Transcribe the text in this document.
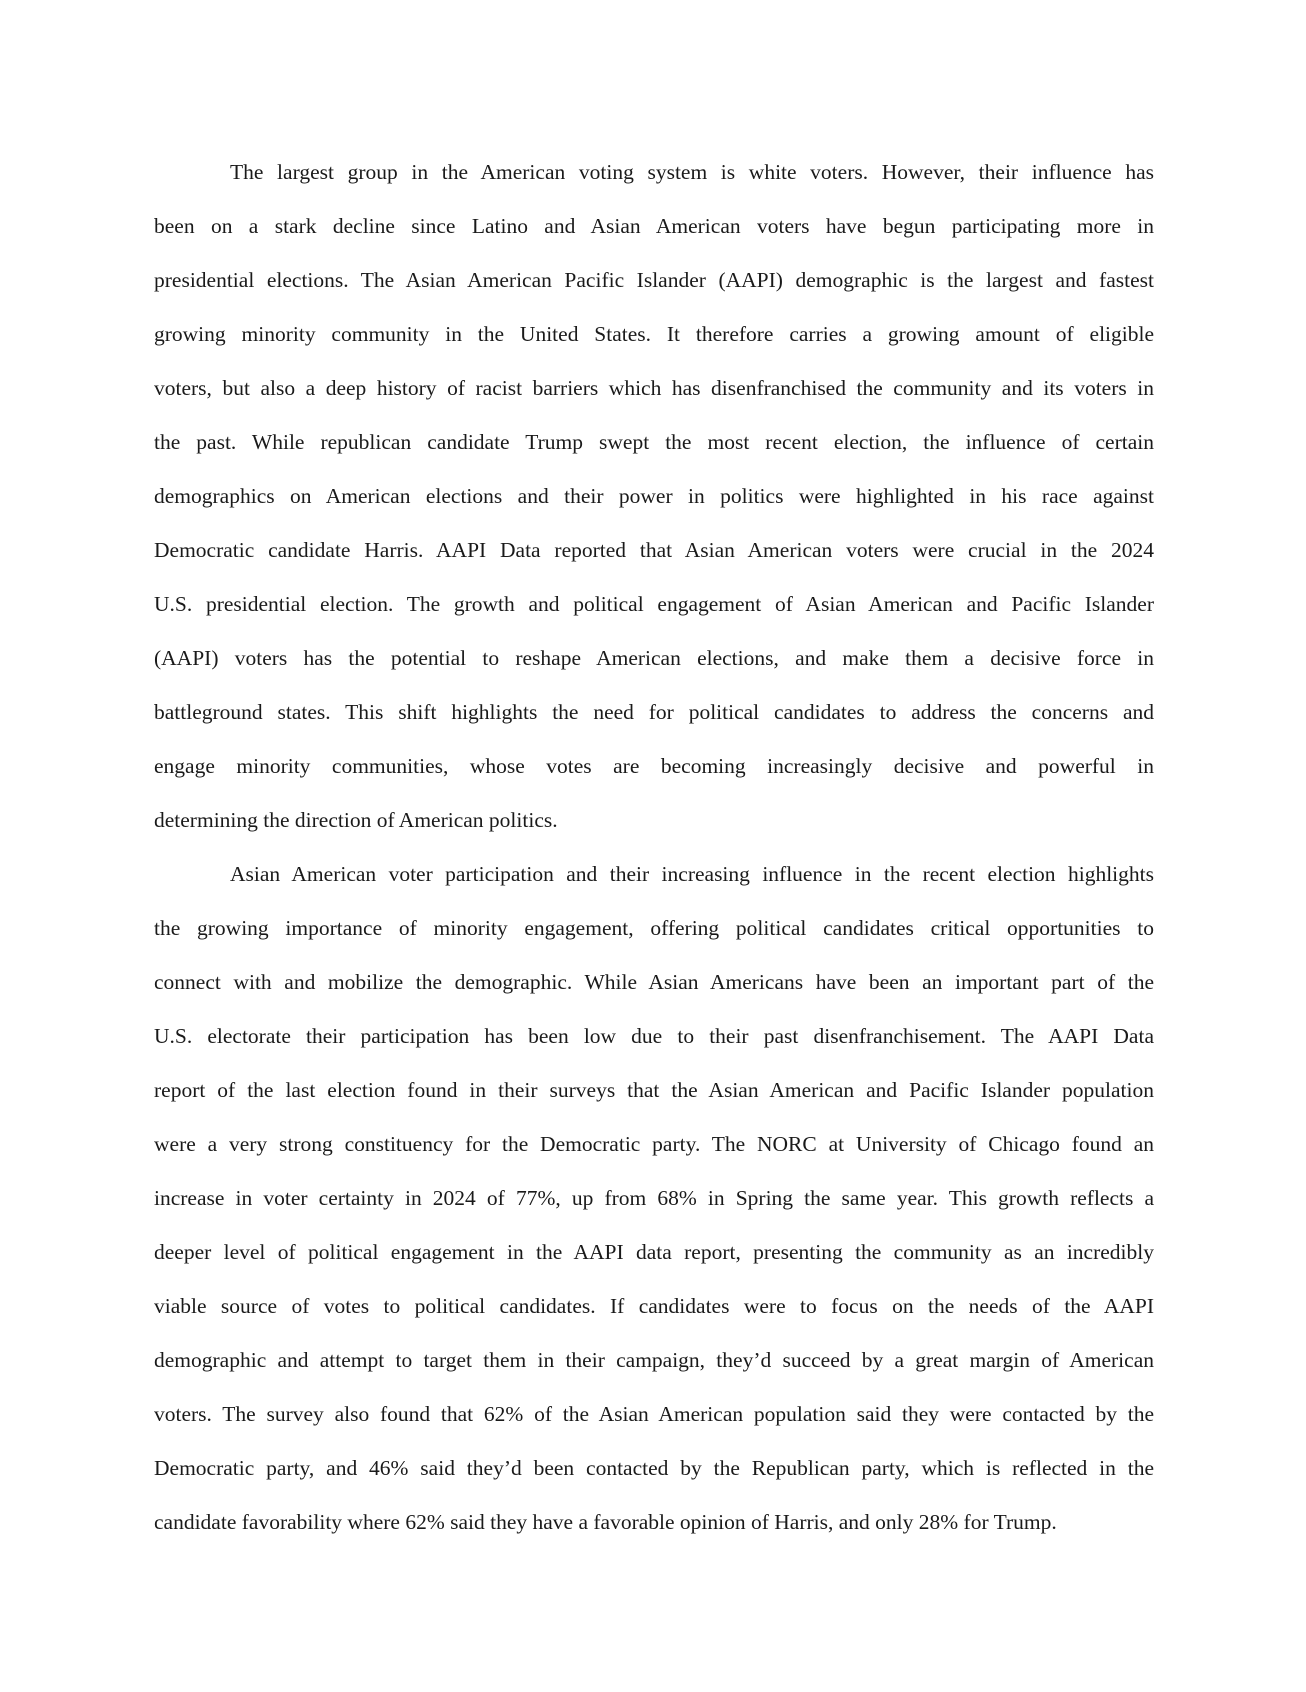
The largest group in the American voting system is white voters. However, their influence has
been on a stark decline since Latino and Asian American voters have begun participating more in
presidential elections. The Asian American Pacific Islander (AAPI) demographic is the largest and fastest
growing minority community in the United States. It therefore carries a growing amount of eligible
voters, but also a deep history of racist barriers which has disenfranchised the community and its voters in
the past. While republican candidate Trump swept the most recent election, the influence of certain
demographics on American elections and their power in politics were highlighted in his race against
Democratic candidate Harris. AAPI Data reported that Asian American voters were crucial in the 2024
U.S. presidential election. The growth and political engagement of Asian American and Pacific Islander
(AAPI) voters has the potential to reshape American elections, and make them a decisive force in
battleground states. This shift highlights the need for political candidates to address the concerns and
engage minority communities, whose votes are becoming increasingly decisive and powerful in
determining the direction of American politics.
Asian American voter participation and their increasing influence in the recent election highlights
the growing importance of minority engagement, offering political candidates critical opportunities to
connect with and mobilize the demographic. While Asian Americans have been an important part of the
U.S. electorate their participation has been low due to their past disenfranchisement. The AAPI Data
report of the last election found in their surveys that the Asian American and Pacific Islander population
were a very strong constituency for the Democratic party. The NORC at University of Chicago found an
increase in voter certainty in 2024 of 77%, up from 68% in Spring the same year. This growth reflects a
deeper level of political engagement in the AAPI data report, presenting the community as an incredibly
viable source of votes to political candidates. If candidates were to focus on the needs of the AAPI
demographic and attempt to target them in their campaign, they’d succeed by a great margin of American
voters. The survey also found that 62% of the Asian American population said they were contacted by the
Democratic party, and 46% said they’d been contacted by the Republican party, which is reflected in the
candidate favorability where 62% said they have a favorable opinion of Harris, and only 28% for Trump.
